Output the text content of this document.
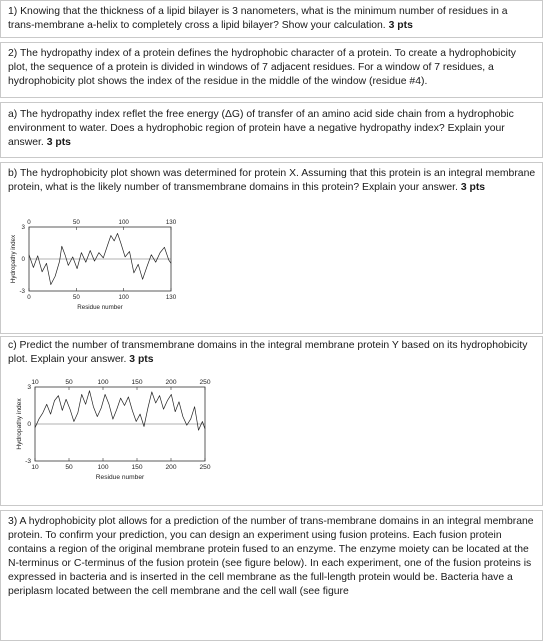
1) Knowing that the thickness of a lipid bilayer is 3 nanometers, what is the minimum number of residues in a trans-membrane a-helix to completely cross a lipid bilayer? Show your calculation. 3 pts
2) The hydropathy index of a protein defines the hydrophobic character of a protein. To create a hydrophobicity plot, the sequence of a protein is divided in windows of 7 adjacent residues. For a window of 7 residues, a hydrophobicity plot shows the index of the residue in the middle of the window (residue #4).
a) The hydropathy index reflet the free energy (ΔG) of transfer of an amino acid side chain from a hydrophobic environment to water. Does a hydrophobic region of protein have a negative hydropathy index? Explain your answer. 3 pts
b) The hydrophobicity plot shown was determined for protein X. Assuming that this protein is an integral membrane protein, what is the likely number of transmembrane domains in this protein? Explain your answer. 3 pts
0	50	100	130
0	50	100	130
3
0
-3
Hydropathy index
Residue number
c) Predict the number of transmembrane domains in the integral membrane protein Y based on its hydrophobicity plot. Explain your answer. 3 pts
10	50	100	150	200	250
10	50	100	150	200	250
3
0
-3
Hydropathy index
Residue number
3) A hydrophobicity plot allows for a prediction of the number of trans-membrane domains in an integral membrane protein. To confirm your prediction, you can design an experiment using fusion proteins. Each fusion protein contains a region of the original membrane protein fused to an enzyme. The enzyme moiety can be located at the N-terminus or C-terminus of the fusion protein (see figure below). In each experiment, one of the fusion proteins is expressed in bacteria and is inserted in the cell membrane as the full-length protein would be. Bacteria have a periplasm located between the cell membrane and the cell wall (see figure
